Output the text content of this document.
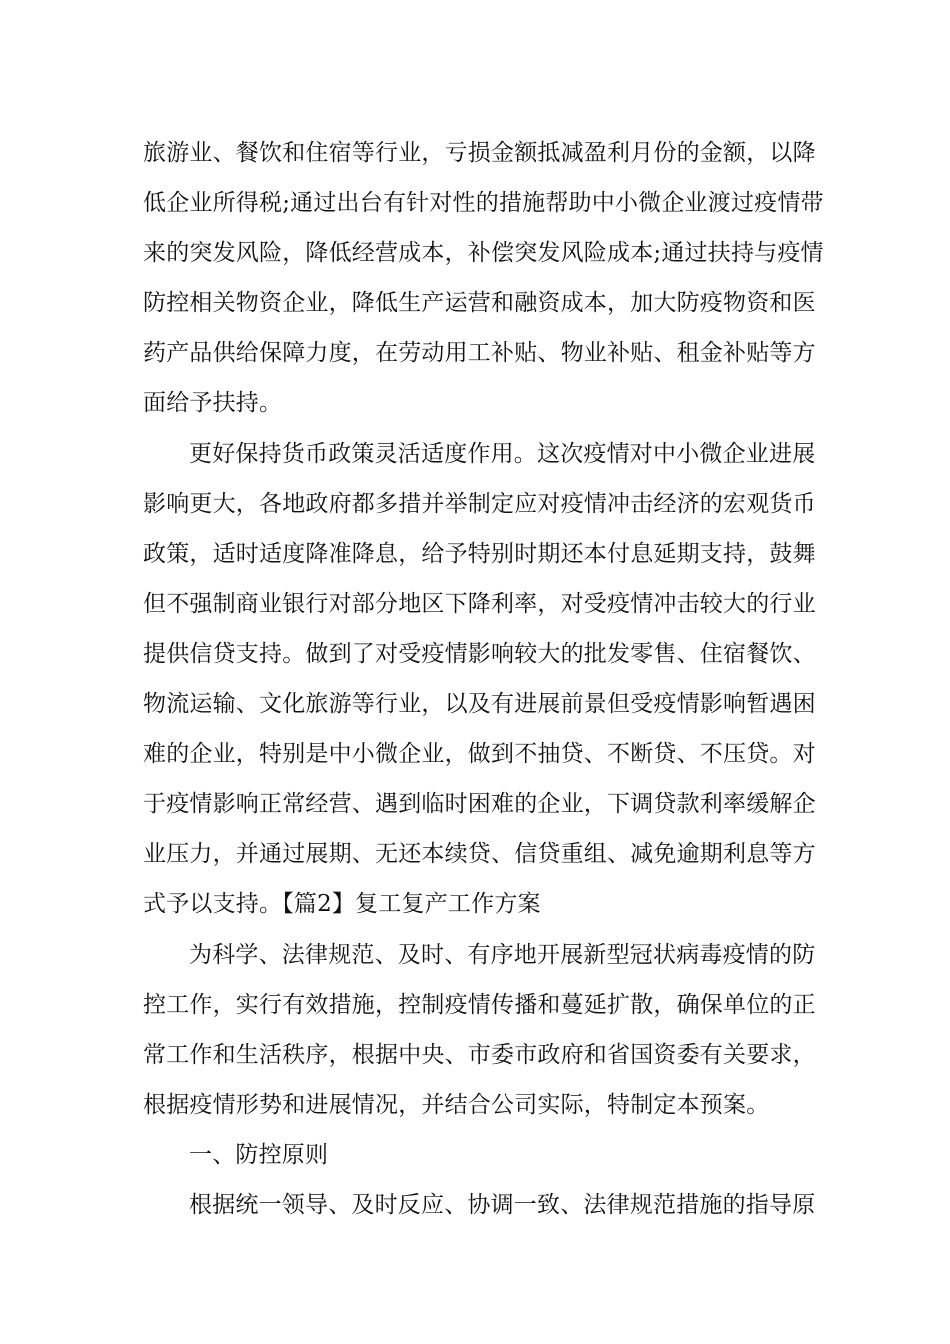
旅游业、餐饮和住宿等行业，亏损金额抵减盈利月份的金额，以降
低企业所得税;通过出台有针对性的措施帮助中小微企业渡过疫情带
来的突发风险，降低经营成本，补偿突发风险成本;通过扶持与疫情
防控相关物资企业，降低生产运营和融资成本，加大防疫物资和医
药产品供给保障力度，在劳动用工补贴、物业补贴、租金补贴等方
面给予扶持。
更好保持货币政策灵活适度作用。这次疫情对中小微企业进展
影响更大，各地政府都多措并举制定应对疫情冲击经济的宏观货币
政策，适时适度降准降息，给予特别时期还本付息延期支持，鼓舞
但不强制商业银行对部分地区下降利率，对受疫情冲击较大的行业
提供信贷支持。做到了对受疫情影响较大的批发零售、住宿餐饮、
物流运输、文化旅游等行业，以及有进展前景但受疫情影响暂遇困
难的企业，特别是中小微企业，做到不抽贷、不断贷、不压贷。对
于疫情影响正常经营、遇到临时困难的企业，下调贷款利率缓解企
业压力，并通过展期、无还本续贷、信贷重组、减免逾期利息等方
式予以支持。【篇2】复工复产工作方案
为科学、法律规范、及时、有序地开展新型冠状病毒疫情的防
控工作，实行有效措施，控制疫情传播和蔓延扩散，确保单位的正
常工作和生活秩序，根据中央、市委市政府和省国资委有关要求，
根据疫情形势和进展情况，并结合公司实际，特制定本预案。
一、防控原则
根据统一领导、及时反应、协调一致、法律规范措施的指导原
